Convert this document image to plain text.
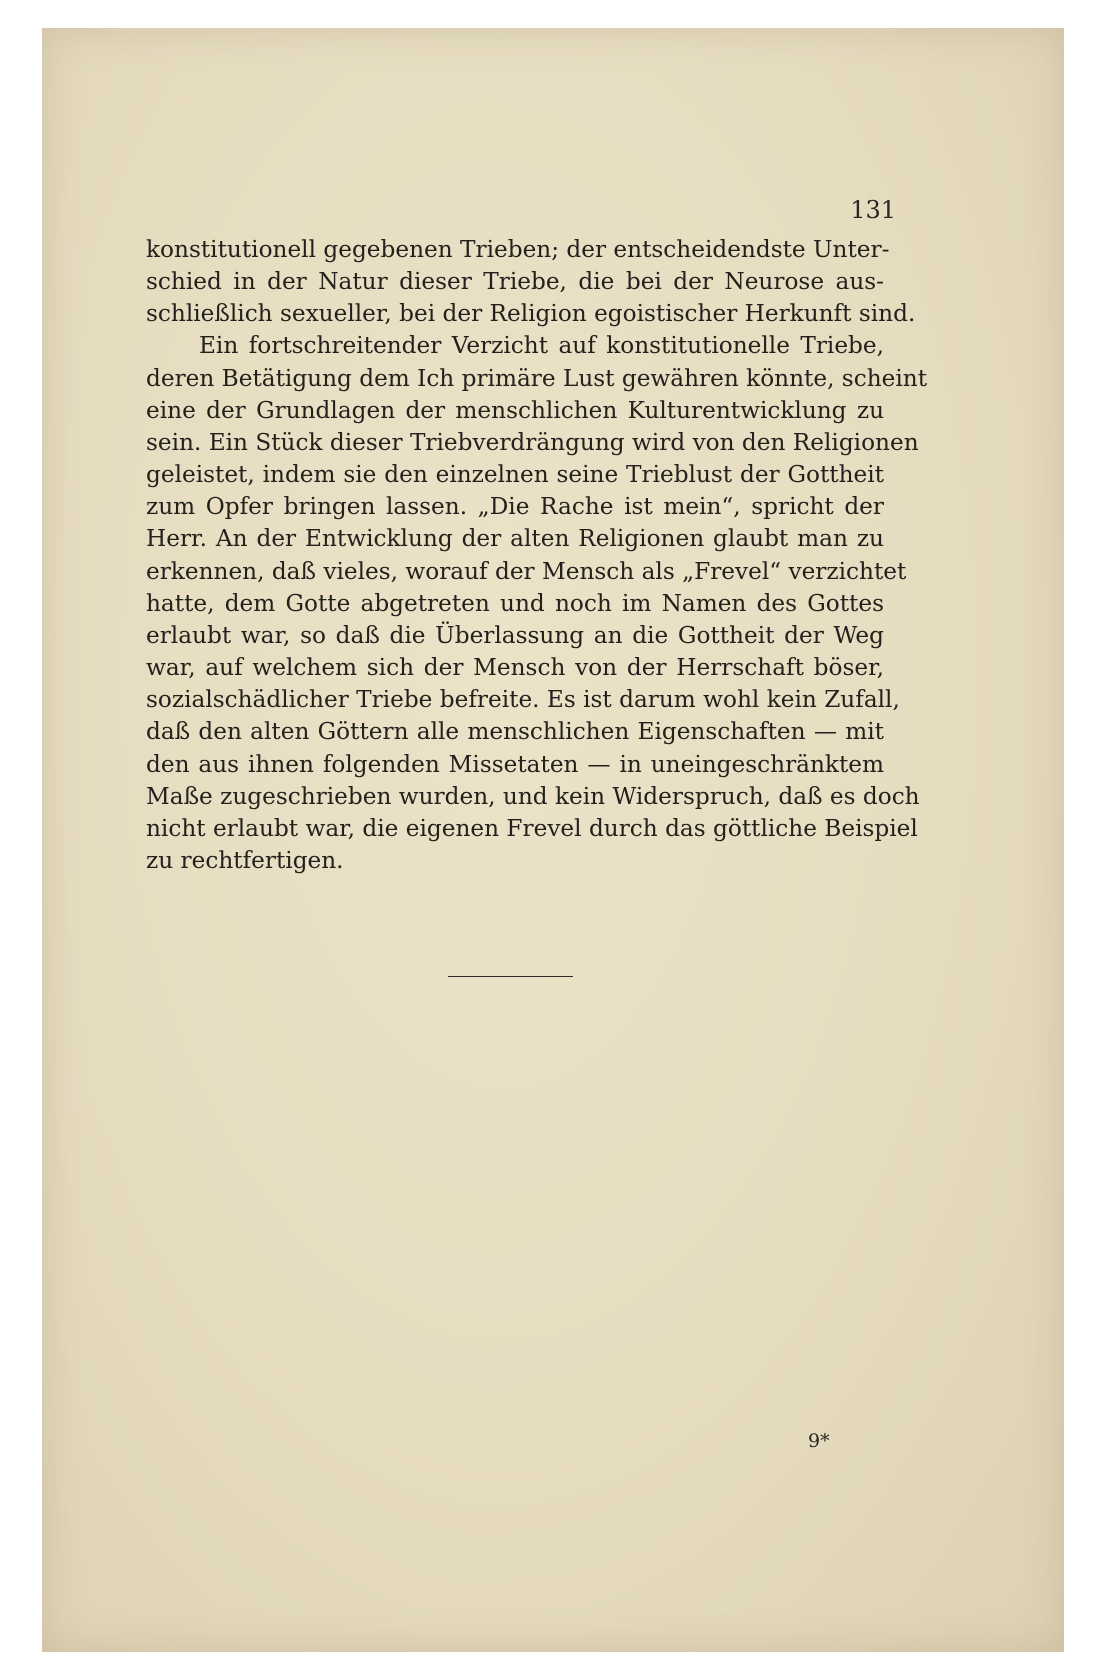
131

konstitutionell gegebenen Trieben; der entscheidendste Unter-
schied in der Natur dieser Triebe, die bei der Neurose aus-
schließlich sexueller, bei der Religion egoistischer Herkunft sind.
Ein fortschreitender Verzicht auf konstitutionelle Triebe,
deren Betätigung dem Ich primäre Lust gewähren könnte, scheint
eine der Grundlagen der menschlichen Kulturentwicklung zu
sein. Ein Stück dieser Triebverdrängung wird von den Religionen
geleistet, indem sie den einzelnen seine Trieblust der Gottheit
zum Opfer bringen lassen. „Die Rache ist mein“, spricht der
Herr. An der Entwicklung der alten Religionen glaubt man zu
erkennen, daß vieles, worauf der Mensch als „Frevel“ verzichtet
hatte, dem Gotte abgetreten und noch im Namen des Gottes
erlaubt war, so daß die Überlassung an die Gottheit der Weg
war, auf welchem sich der Mensch von der Herrschaft böser,
sozialschädlicher Triebe befreite. Es ist darum wohl kein Zufall,
daß den alten Göttern alle menschlichen Eigenschaften — mit
den aus ihnen folgenden Missetaten — in uneingeschränktem
Maße zugeschrieben wurden, und kein Widerspruch, daß es doch
nicht erlaubt war, die eigenen Frevel durch das göttliche Beispiel
zu rechtfertigen.

9*
